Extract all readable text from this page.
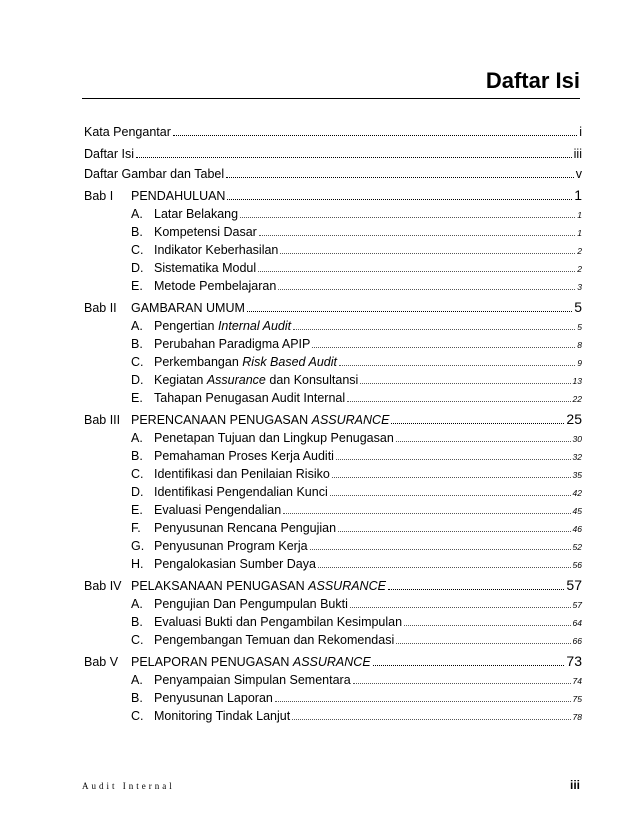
Daftar Isi
Kata Pengantar	i
Daftar Isi	iii
Daftar Gambar dan Tabel	v
Bab I	PENDAHULUAN	1
A. Latar Belakang	1
B. Kompetensi Dasar	1
C. Indikator Keberhasilan	2
D. Sistematika Modul	2
E. Metode Pembelajaran	3
Bab II	GAMBARAN UMUM	5
A. Pengertian Internal Audit	5
B. Perubahan Paradigma APIP	8
C. Perkembangan Risk Based Audit	9
D. Kegiatan Assurance dan Konsultansi	13
E. Tahapan Penugasan Audit Internal	22
Bab III PERENCANAAN PENUGASAN ASSURANCE	25
A. Penetapan Tujuan dan Lingkup Penugasan	30
B. Pemahaman Proses Kerja Auditi	32
C. Identifikasi dan Penilaian Risiko	35
D. Identifikasi Pengendalian Kunci	42
E. Evaluasi Pengendalian	45
F.	Penyusunan Rencana Pengujian	46
G. Penyusunan Program Kerja	52
H. Pengalokasian Sumber Daya	56
Bab IV PELAKSANAAN PENUGASAN ASSURANCE	57
A. Pengujian Dan Pengumpulan Bukti	57
B. Evaluasi Bukti dan Pengambilan Kesimpulan	64
C. Pengembangan Temuan dan Rekomendasi	66
Bab V	PELAPORAN PENUGASAN ASSURANCE	73
A. Penyampaian Simpulan Sementara	74
B. Penyusunan Laporan	75
C. Monitoring Tindak Lanjut	78
Audit Internal	iii
